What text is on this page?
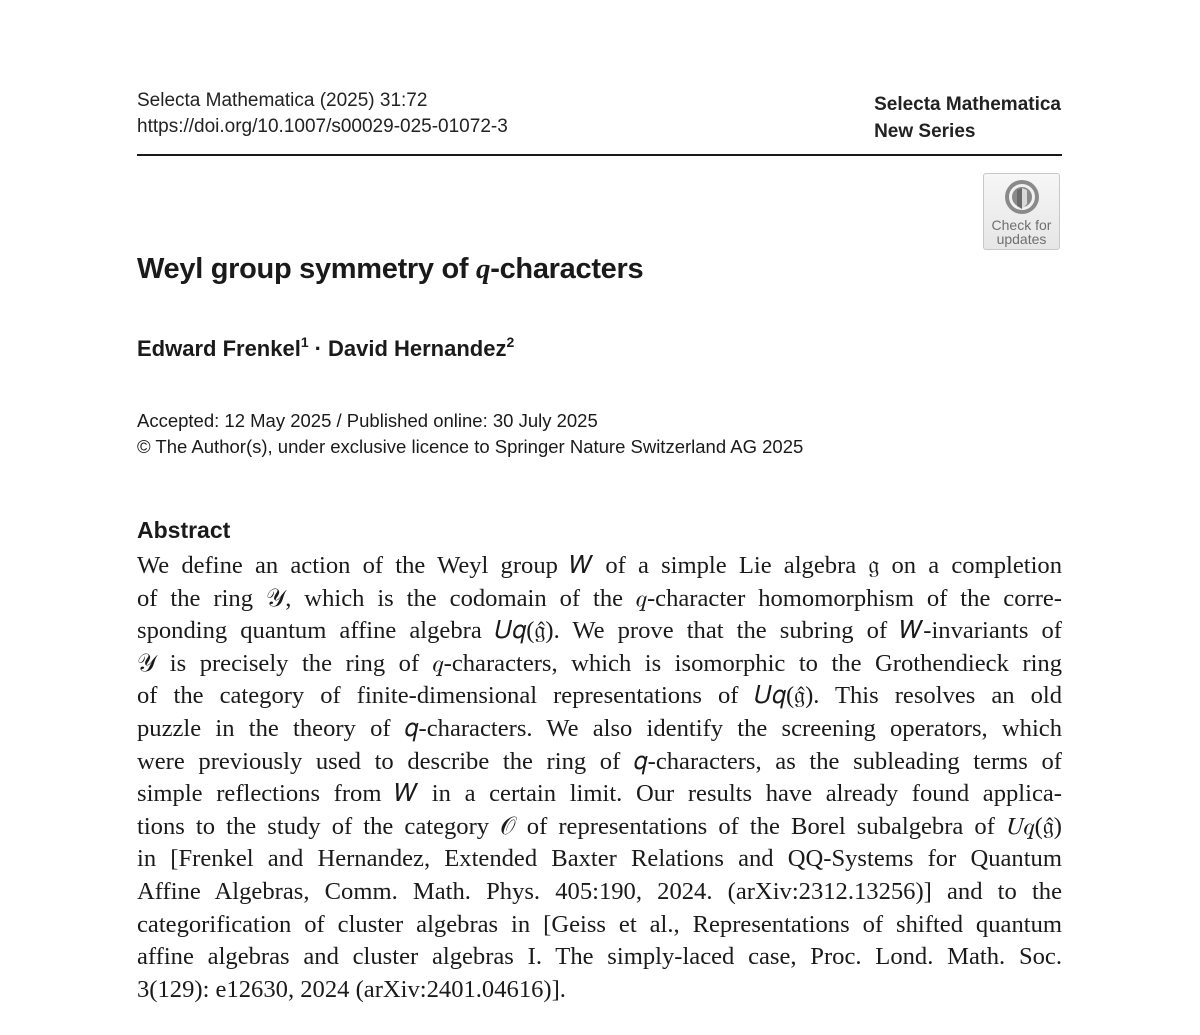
Selecta Mathematica (2025) 31:72
https://doi.org/10.1007/s00029-025-01072-3
Selecta Mathematica
New Series
Check for
updates
Weyl group symmetry of q-characters
Edward Frenkel$^1$ · David Hernandez$^2$
Accepted: 12 May 2025 / Published online: 30 July 2025
© The Author(s), under exclusive licence to Springer Nature Switzerland AG 2025
Abstract
We define an action of the Weyl group 𝑊 of a simple Lie algebra 𝔤 on a completion
of the ring 𝒴, which is the codomain of the 𝑞-character homomorphism of the corre-
sponding quantum affine algebra 𝑈𝑞(𝔤̂). We prove that the subring of 𝑊-invariants of
𝒴 is precisely the ring of 𝑞-characters, which is isomorphic to the Grothendieck ring
of the category of finite-dimensional representations of 𝑈𝑞(𝔤̂). This resolves an old
puzzle in the theory of 𝑞-characters. We also identify the screening operators, which
were previously used to describe the ring of 𝑞-characters, as the subleading terms of
simple reflections from 𝑊 in a certain limit. Our results have already found applica-
tions to the study of the category 𝒪 of representations of the Borel subalgebra of 𝑈𝑞(𝔤̂)
in [Frenkel and Hernandez, Extended Baxter Relations and QQ-Systems for Quantum
Affine Algebras, Comm. Math. Phys. 405:190, 2024. (arXiv:2312.13256)] and to the
categorification of cluster algebras in [Geiss et al., Representations of shifted quantum
affine algebras and cluster algebras I. The simply-laced case, Proc. Lond. Math. Soc.
3(129): e12630, 2024 (arXiv:2401.04616)].
